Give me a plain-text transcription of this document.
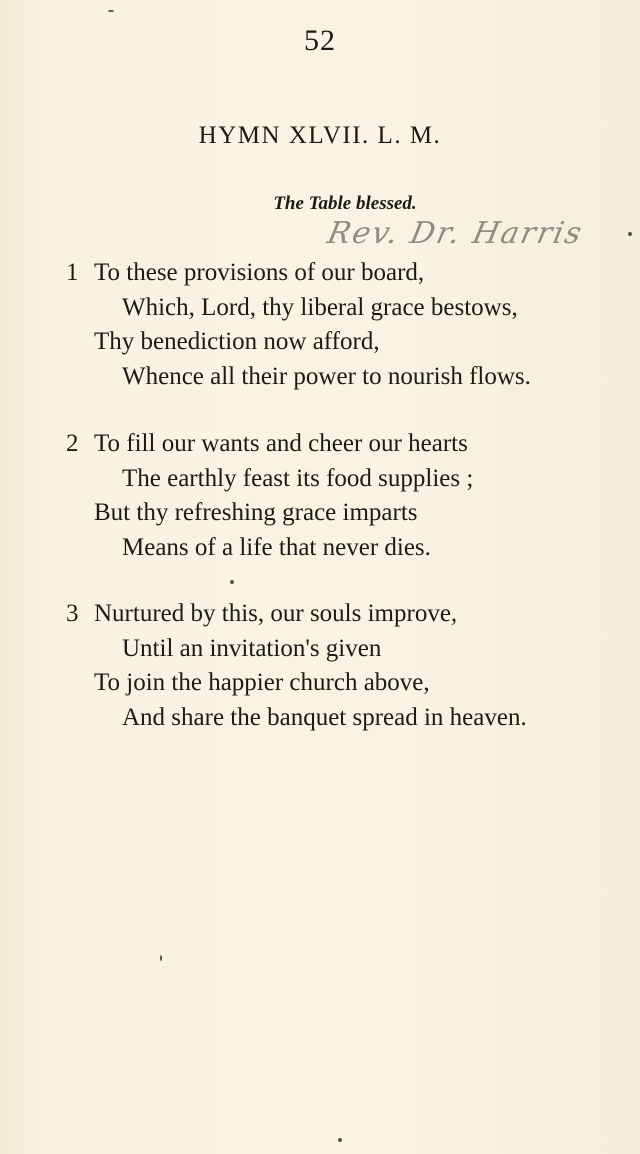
52
HYMN XLVII. L. M.
The Table blessed.
Rev. Dr. Harris
1 To these provisions of our board,
Which, Lord, thy liberal grace bestows,
Thy benediction now afford,
Whence all their power to nourish flows.
2 To fill our wants and cheer our hearts
The earthly feast its food supplies ;
But thy refreshing grace imparts
Means of a life that never dies.
3 Nurtured by this, our souls improve,
Until an invitation's given
To join the happier church above,
And share the banquet spread in heaven.
